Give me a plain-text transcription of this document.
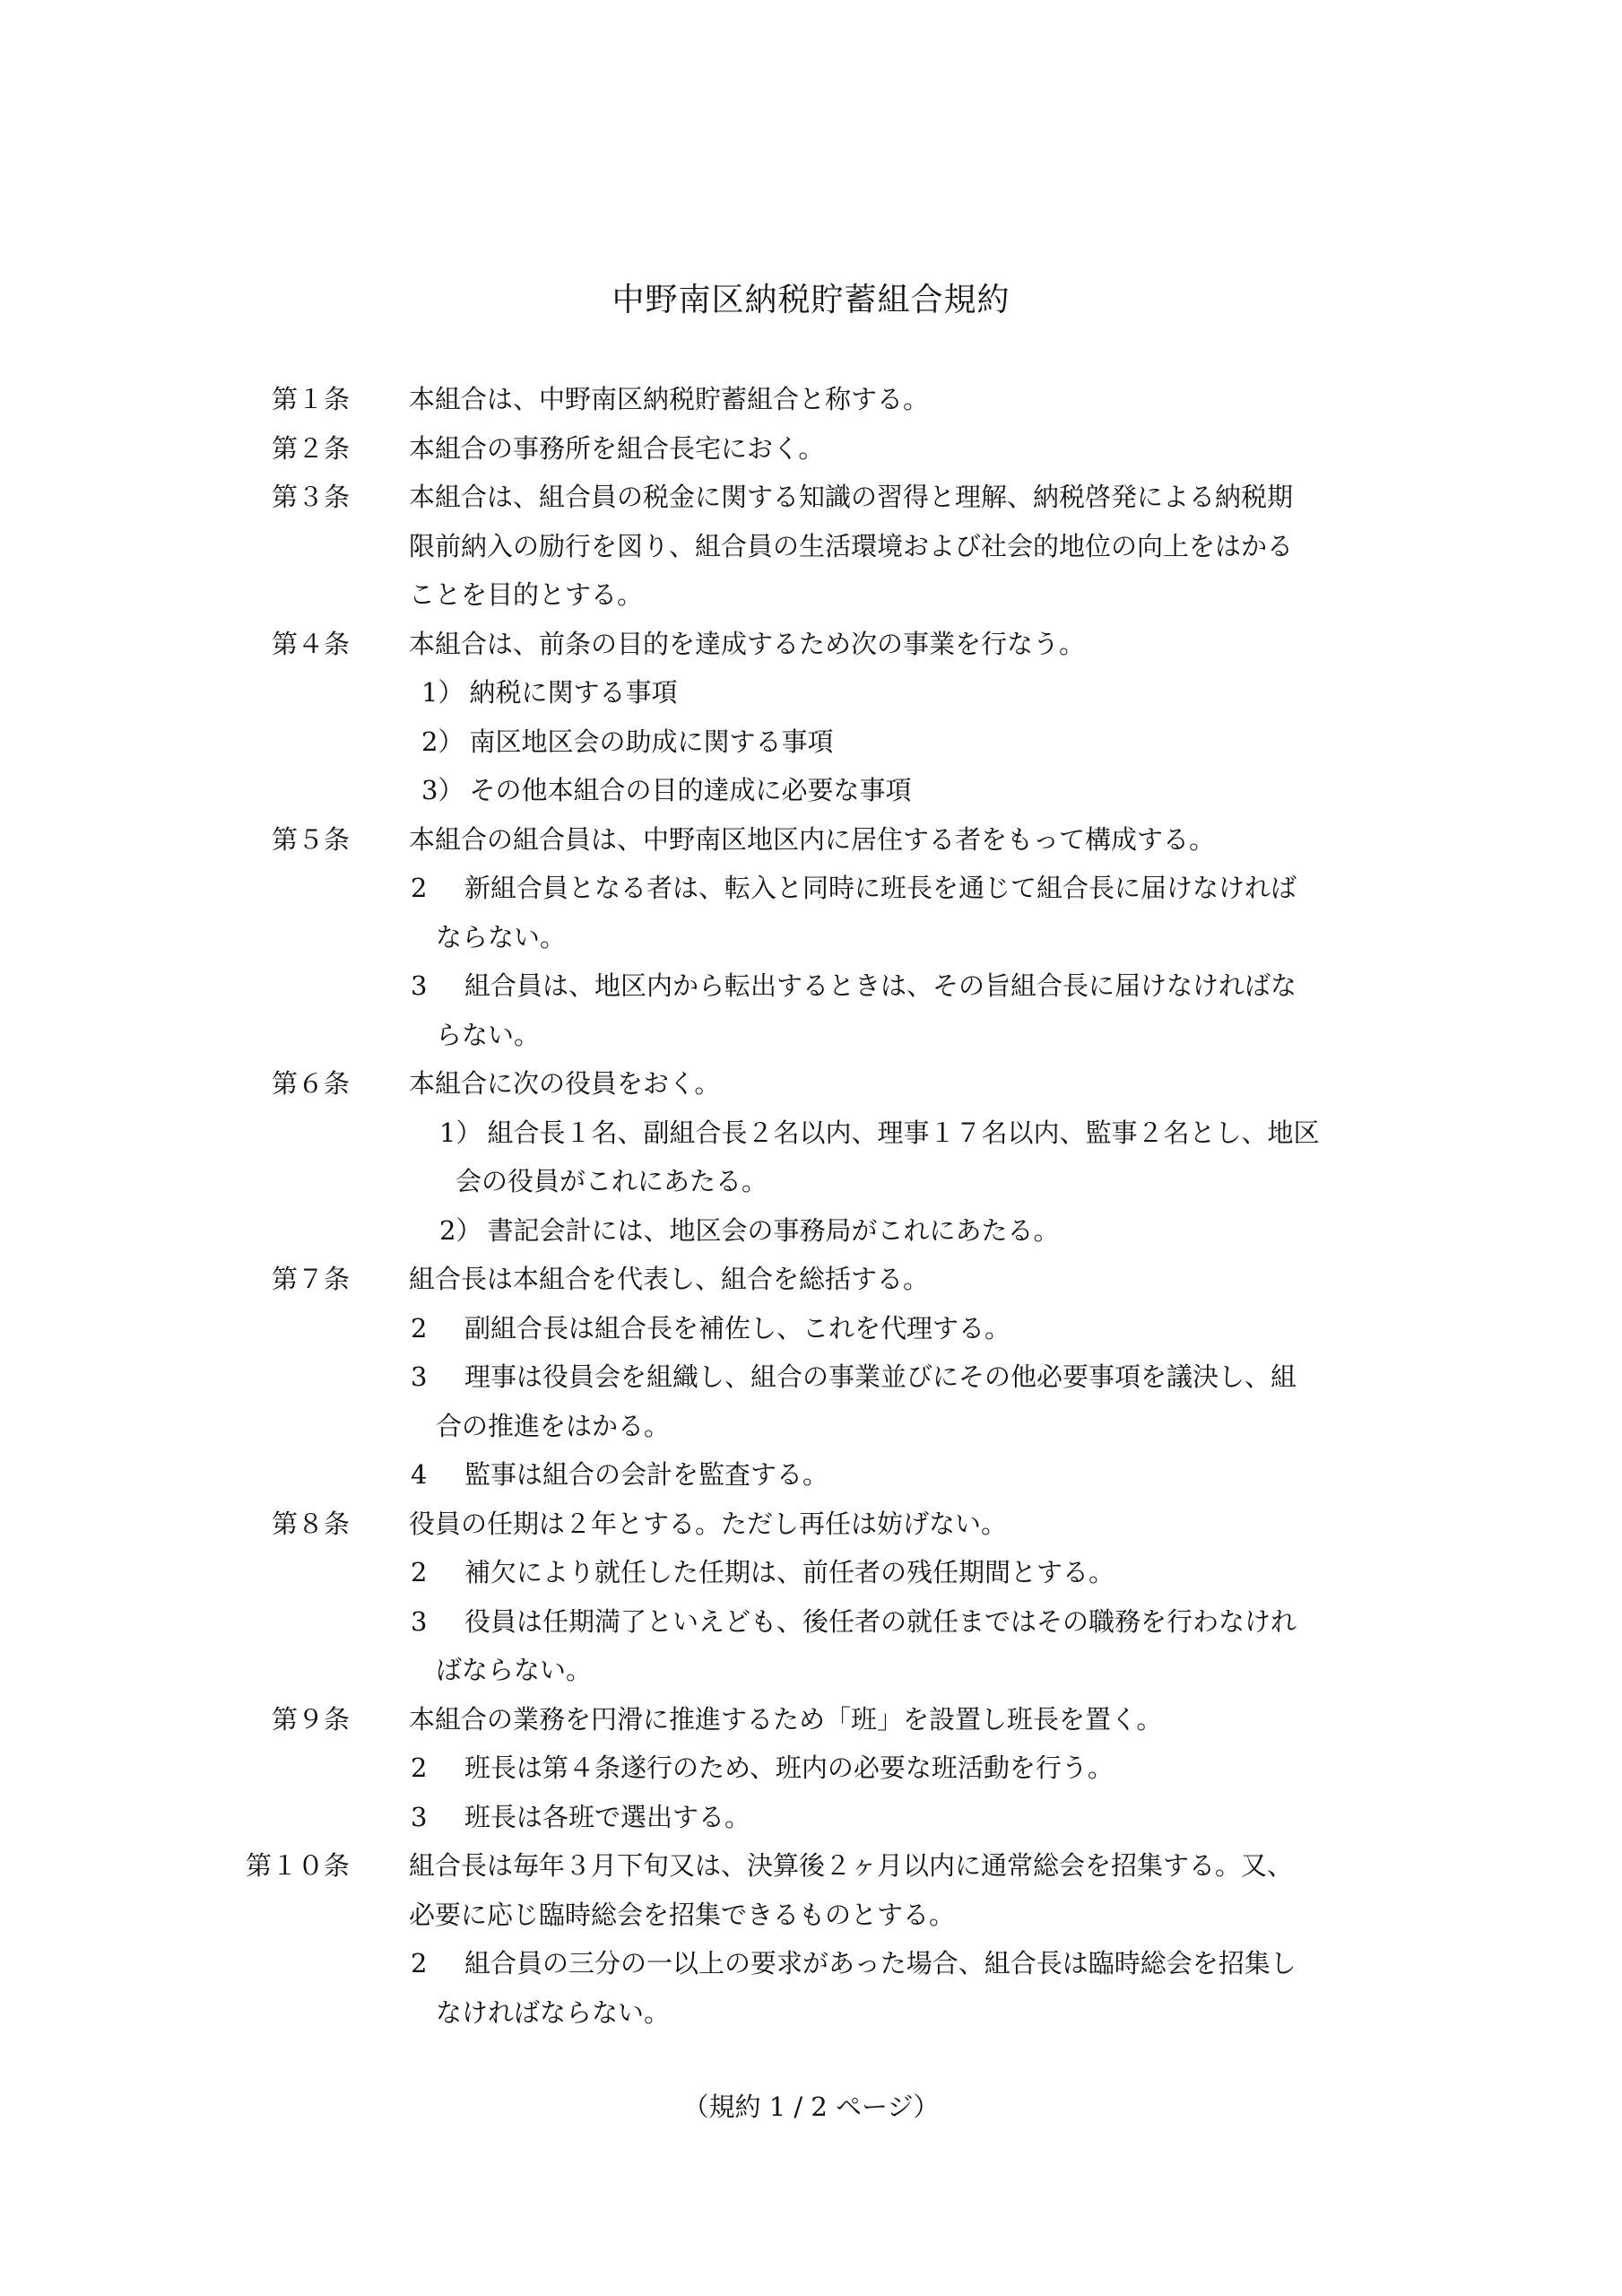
中野南区納税貯蓄組合規約
第１条 本組合は、中野南区納税貯蓄組合と称する。
第２条 本組合の事務所を組合長宅におく。
第３条 本組合は、組合員の税金に関する知識の習得と理解、納税啓発による納税期
限前納入の励行を図り、組合員の生活環境および社会的地位の向上をはかる
ことを目的とする。
第４条 本組合は、前条の目的を達成するため次の事業を行なう。
1） 納税に関する事項
2） 南区地区会の助成に関する事項
3） その他本組合の目的達成に必要な事項
第５条 本組合の組合員は、中野南区地区内に居住する者をもって構成する。
2 新組合員となる者は、転入と同時に班長を通じて組合長に届けなければ
ならない。
3 組合員は、地区内から転出するときは、その旨組合長に届けなければな
らない。
第６条 本組合に次の役員をおく。
1） 組合長１名、副組合長２名以内、理事１７名以内、監事２名とし、地区
会の役員がこれにあたる。
2） 書記会計には、地区会の事務局がこれにあたる。
第７条 組合長は本組合を代表し、組合を総括する。
2 副組合長は組合長を補佐し、これを代理する。
3 理事は役員会を組織し、組合の事業並びにその他必要事項を議決し、組
合の推進をはかる。
4 監事は組合の会計を監査する。
第８条 役員の任期は２年とする。ただし再任は妨げない。
2 補欠により就任した任期は、前任者の残任期間とする。
3 役員は任期満了といえども、後任者の就任まではその職務を行わなけれ
ばならない。
第９条 本組合の業務を円滑に推進するため「班」を設置し班長を置く。
2 班長は第４条遂行のため、班内の必要な班活動を行う。
3 班長は各班で選出する。
第１０条 組合長は毎年３月下旬又は、決算後２ヶ月以内に通常総会を招集する。又、
必要に応じ臨時総会を招集できるものとする。
2 組合員の三分の一以上の要求があった場合、組合長は臨時総会を招集し
なければならない。
（規約 1 / 2 ページ）
